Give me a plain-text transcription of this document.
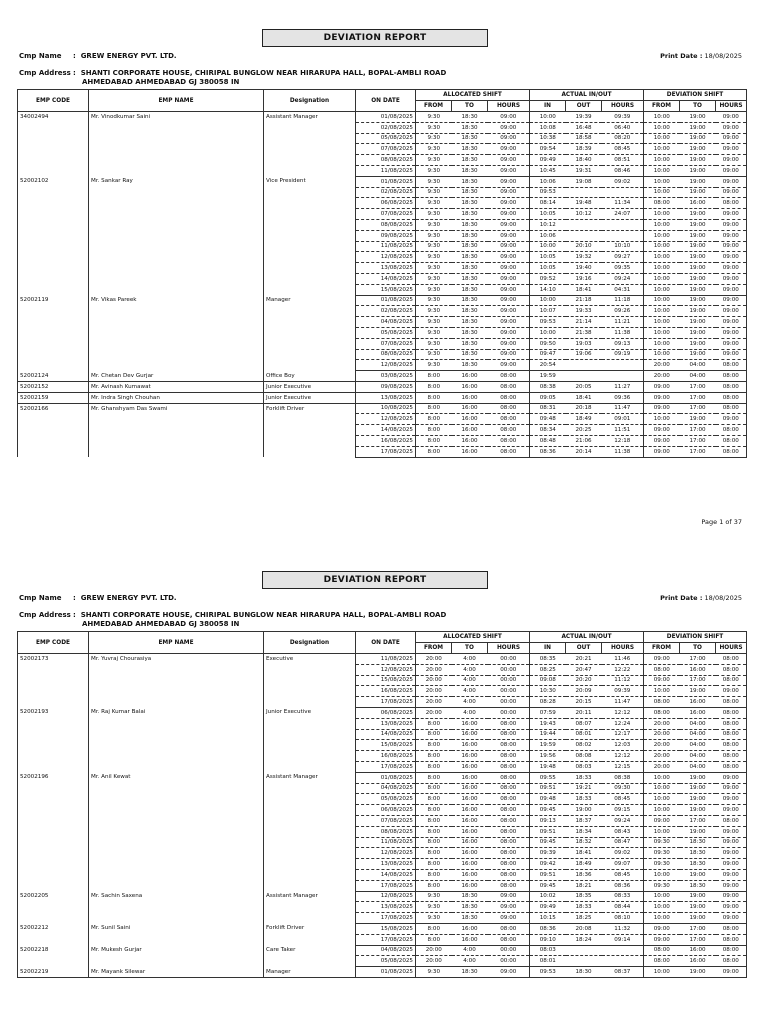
DEVIATION REPORT
Cmp Name :  GREW ENERGY PVT. LTD.	Print Date : 18/08/2025
Cmp Address :  SHANTI CORPORATE HOUSE, CHIRIPAL BUNGLOW NEAR HIRARUPA HALL, BOPAL-AMBLI ROAD
AHMEDABAD AHMEDABAD GJ 380058 IN
EMP CODE	EMP NAME	Designation	ON DATE	ALLOCATED SHIFT			ACTUAL IN/OUT			DEVIATION SHIFT		
				FROM	TO	HOURS	IN	OUT	HOURS	FROM	TO	HOURS
34002494	Mr. Vinodkumar Saini	Assistant Manager	01/08/2025	9:30	18:30	09:00	10:00	19:39	09:39	10:00	19:00	09:00
			02/08/2025	9:30	18:30	09:00	10:08	16:48	06:40	10:00	19:00	09:00
			05/08/2025	9:30	18:30	09:00	10:38	18:58	08:20	10:00	19:00	09:00
			07/08/2025	9:30	18:30	09:00	09:54	18:39	08:45	10:00	19:00	09:00
			08/08/2025	9:30	18:30	09:00	09:49	18:40	08:51	10:00	19:00	09:00
			11/08/2025	9:30	18:30	09:00	10:45	19:31	08:46	10:00	19:00	09:00
52002102	Mr. Sankar Ray	Vice President	01/08/2025	9:30	18:30	09:00	10:06	19:08	09:02	10:00	19:00	09:00
			02/08/2025	9:30	18:30	09:00	09:53			10:00	19:00	09:00
			06/08/2025	9:30	18:30	09:00	08:14	19:48	11:34	08:00	16:00	08:00
			07/08/2025	9:30	18:30	09:00	10:05	10:12	24:07	10:00	19:00	09:00
			08/08/2025	9:30	18:30	09:00	10:12			10:00	19:00	09:00
			09/08/2025	9:30	18:30	09:00	10:06			10:00	19:00	09:00
			11/08/2025	9:30	18:30	09:00	10:00	20:10	10:10	10:00	19:00	09:00
			12/08/2025	9:30	18:30	09:00	10:05	19:32	09:27	10:00	19:00	09:00
			13/08/2025	9:30	18:30	09:00	10:05	19:40	09:35	10:00	19:00	09:00
			14/08/2025	9:30	18:30	09:00	09:52	19:16	09:24	10:00	19:00	09:00
			15/08/2025	9:30	18:30	09:00	14:10	18:41	04:31	10:00	19:00	09:00
52002119	Mr. Vikas Pareek	Manager	01/08/2025	9:30	18:30	09:00	10:00	21:18	11:18	10:00	19:00	09:00
			02/08/2025	9:30	18:30	09:00	10:07	19:33	09:26	10:00	19:00	09:00
			04/08/2025	9:30	18:30	09:00	09:53	21:14	11:21	10:00	19:00	09:00
			05/08/2025	9:30	18:30	09:00	10:00	21:38	11:38	10:00	19:00	09:00
			07/08/2025	9:30	18:30	09:00	09:50	19:03	09:13	10:00	19:00	09:00
			08/08/2025	9:30	18:30	09:00	09:47	19:06	09:19	10:00	19:00	09:00
			12/08/2025	9:30	18:30	09:00	20:54			20:00	04:00	08:00
52002124	Mr. Chetan Dev Gurjar	Office Boy	03/08/2025	8:00	16:00	08:00	19:59			20:00	04:00	08:00
52002152	Mr. Avinash Kumawat	Junior Executive	09/08/2025	8:00	16:00	08:00	08:38	20:05	11:27	09:00	17:00	08:00
52002159	Mr. Indra Singh Chouhan	Junior Executive	13/08/2025	8:00	16:00	08:00	09:05	18:41	09:36	09:00	17:00	08:00
52002166	Mr. Ghanshyam Das Swami	Forklift Driver	10/08/2025	8:00	16:00	08:00	08:31	20:18	11:47	09:00	17:00	08:00
			12/08/2025	8:00	16:00	08:00	09:48	18:49	09:01	10:00	19:00	09:00
			14/08/2025	8:00	16:00	08:00	08:34	20:25	11:51	09:00	17:00	08:00
			16/08/2025	8:00	16:00	08:00	08:48	21:06	12:18	09:00	17:00	08:00
			17/08/2025	8:00	16:00	08:00	08:36	20:14	11:38	09:00	17:00	08:00
Page 1 of 37
DEVIATION REPORT
Cmp Name :  GREW ENERGY PVT. LTD.	Print Date : 18/08/2025
Cmp Address :  SHANTI CORPORATE HOUSE, CHIRIPAL BUNGLOW NEAR HIRARUPA HALL, BOPAL-AMBLI ROAD
AHMEDABAD AHMEDABAD GJ 380058 IN
EMP CODE	EMP NAME	Designation	ON DATE	ALLOCATED SHIFT			ACTUAL IN/OUT			DEVIATION SHIFT		
				FROM	TO	HOURS	IN	OUT	HOURS	FROM	TO	HOURS
52002173	Mr. Yuvraj Chourasiya	Executive	11/08/2025	20:00	4:00	00:00	08:35	20:21	11:46	09:00	17:00	08:00
			12/08/2025	20:00	4:00	00:00	08:25	20:47	12:22	08:00	16:00	08:00
			15/08/2025	20:00	4:00	00:00	09:08	20:20	11:12	09:00	17:00	08:00
			16/08/2025	20:00	4:00	00:00	10:30	20:09	09:39	10:00	19:00	09:00
			17/08/2025	20:00	4:00	00:00	08:28	20:15	11:47	08:00	16:00	08:00
52002193	Mr. Raj Kumar Balai	Junior Executive	06/08/2025	20:00	4:00	00:00	07:59	20:11	12:12	08:00	16:00	08:00
			13/08/2025	8:00	16:00	08:00	19:43	08:07	12:24	20:00	04:00	08:00
			14/08/2025	8:00	16:00	08:00	19:44	08:01	12:17	20:00	04:00	08:00
			15/08/2025	8:00	16:00	08:00	19:59	08:02	12:03	20:00	04:00	08:00
			16/08/2025	8:00	16:00	08:00	19:56	08:08	12:12	20:00	04:00	08:00
			17/08/2025	8:00	16:00	08:00	19:48	08:03	12:15	20:00	04:00	08:00
52002196	Mr. Anil Kewat	Assistant Manager	01/08/2025	8:00	16:00	08:00	09:55	18:33	08:38	10:00	19:00	09:00
			04/08/2025	8:00	16:00	08:00	09:51	19:21	09:30	10:00	19:00	09:00
			05/08/2025	8:00	16:00	08:00	09:48	18:33	08:45	10:00	19:00	09:00
			06/08/2025	8:00	16:00	08:00	09:45	19:00	09:15	10:00	19:00	09:00
			07/08/2025	8:00	16:00	08:00	09:13	18:37	09:24	09:00	17:00	08:00
			08/08/2025	8:00	16:00	08:00	09:51	18:34	08:43	10:00	19:00	09:00
			11/08/2025	8:00	16:00	08:00	09:45	18:32	08:47	09:30	18:30	09:00
			12/08/2025	8:00	16:00	08:00	09:39	18:41	09:02	09:30	18:30	09:00
			13/08/2025	8:00	16:00	08:00	09:42	18:49	09:07	09:30	18:30	09:00
			14/08/2025	8:00	16:00	08:00	09:51	18:36	08:45	10:00	19:00	09:00
			17/08/2025	8:00	16:00	08:00	09:45	18:21	08:36	09:30	18:30	09:00
52002205	Mr. Sachin Saxena	Assistant Manager	12/08/2025	9:30	18:30	09:00	10:02	18:35	08:33	10:00	19:00	09:00
			13/08/2025	9:30	18:30	09:00	09:49	18:33	08:44	10:00	19:00	09:00
			17/08/2025	9:30	18:30	09:00	10:15	18:25	08:10	10:00	19:00	09:00
52002212	Mr. Sunil Saini	Forklift Driver	15/08/2025	8:00	16:00	08:00	08:36	20:08	11:32	09:00	17:00	08:00
			17/08/2025	8:00	16:00	08:00	09:10	18:24	09:14	09:00	17:00	08:00
52002218	Mr. Mukesh Gurjar	Care Taker	04/08/2025	20:00	4:00	00:00	08:03			08:00	16:00	08:00
			05/08/2025	20:00	4:00	00:00	08:01			08:00	16:00	08:00
52002219	Mr. Mayank Silewar	Manager	01/08/2025	9:30	18:30	09:00	09:53	18:30	08:37	10:00	19:00	09:00
